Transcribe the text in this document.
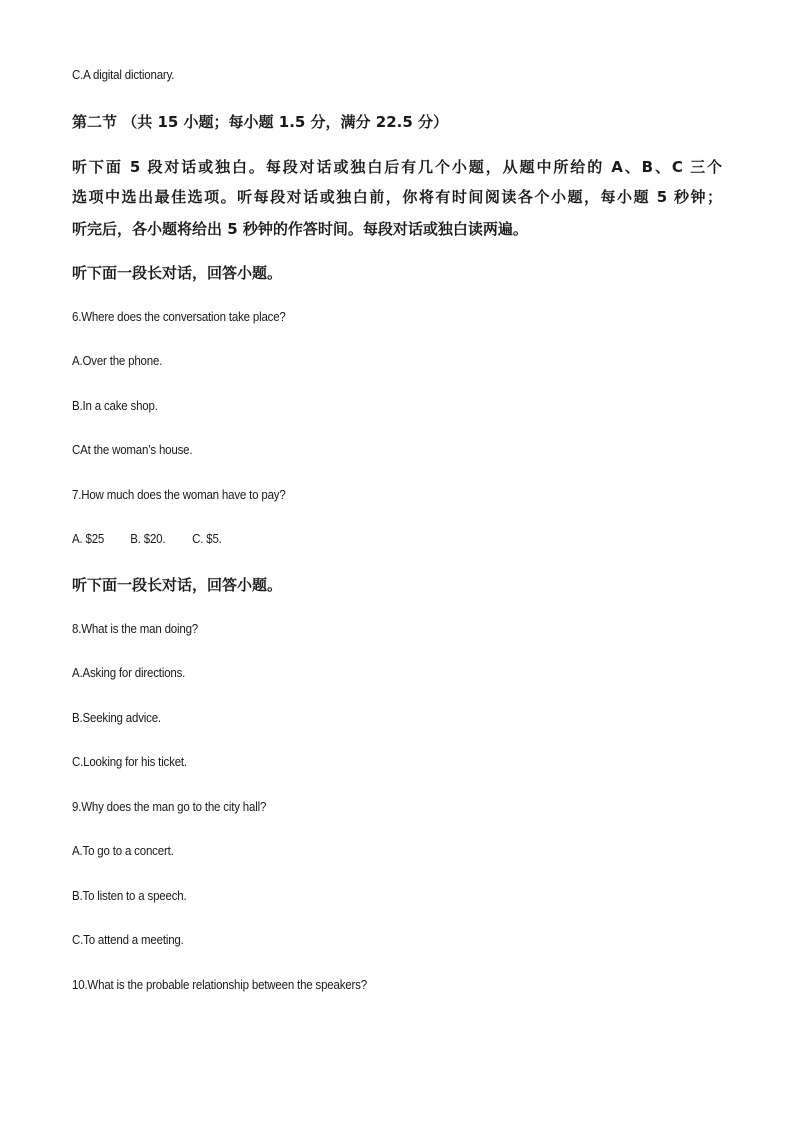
C.A digital dictionary.
第二节 （共 15 小题；每小题 1.5 分，满分 22.5 分）
听下面 5 段对话或独白。每段对话或独白后有几个小题，从题中所给的 A、B、C 三个
选项中选出最佳选项。听每段对话或独白前，你将有时间阅读各个小题，每小题 5 秒钟；
听完后，各小题将给出 5 秒钟的作答时间。每段对话或独白读两遍。
听下面一段长对话，回答小题。
6.Where does the conversation take place?
A.Over the phone.
B.In a cake shop.
CAt the woman’s house.
7.How much does the woman have to pay?
A. $25 B. $20. C. $5.
听下面一段长对话，回答小题。
8.What is the man doing?
A.Asking for directions.
B.Seeking advice.
C.Looking for his ticket.
9.Why does the man go to the city hall?
A.To go to a concert.
B.To listen to a speech.
C.To attend a meeting.
10.What is the probable relationship between the speakers?
